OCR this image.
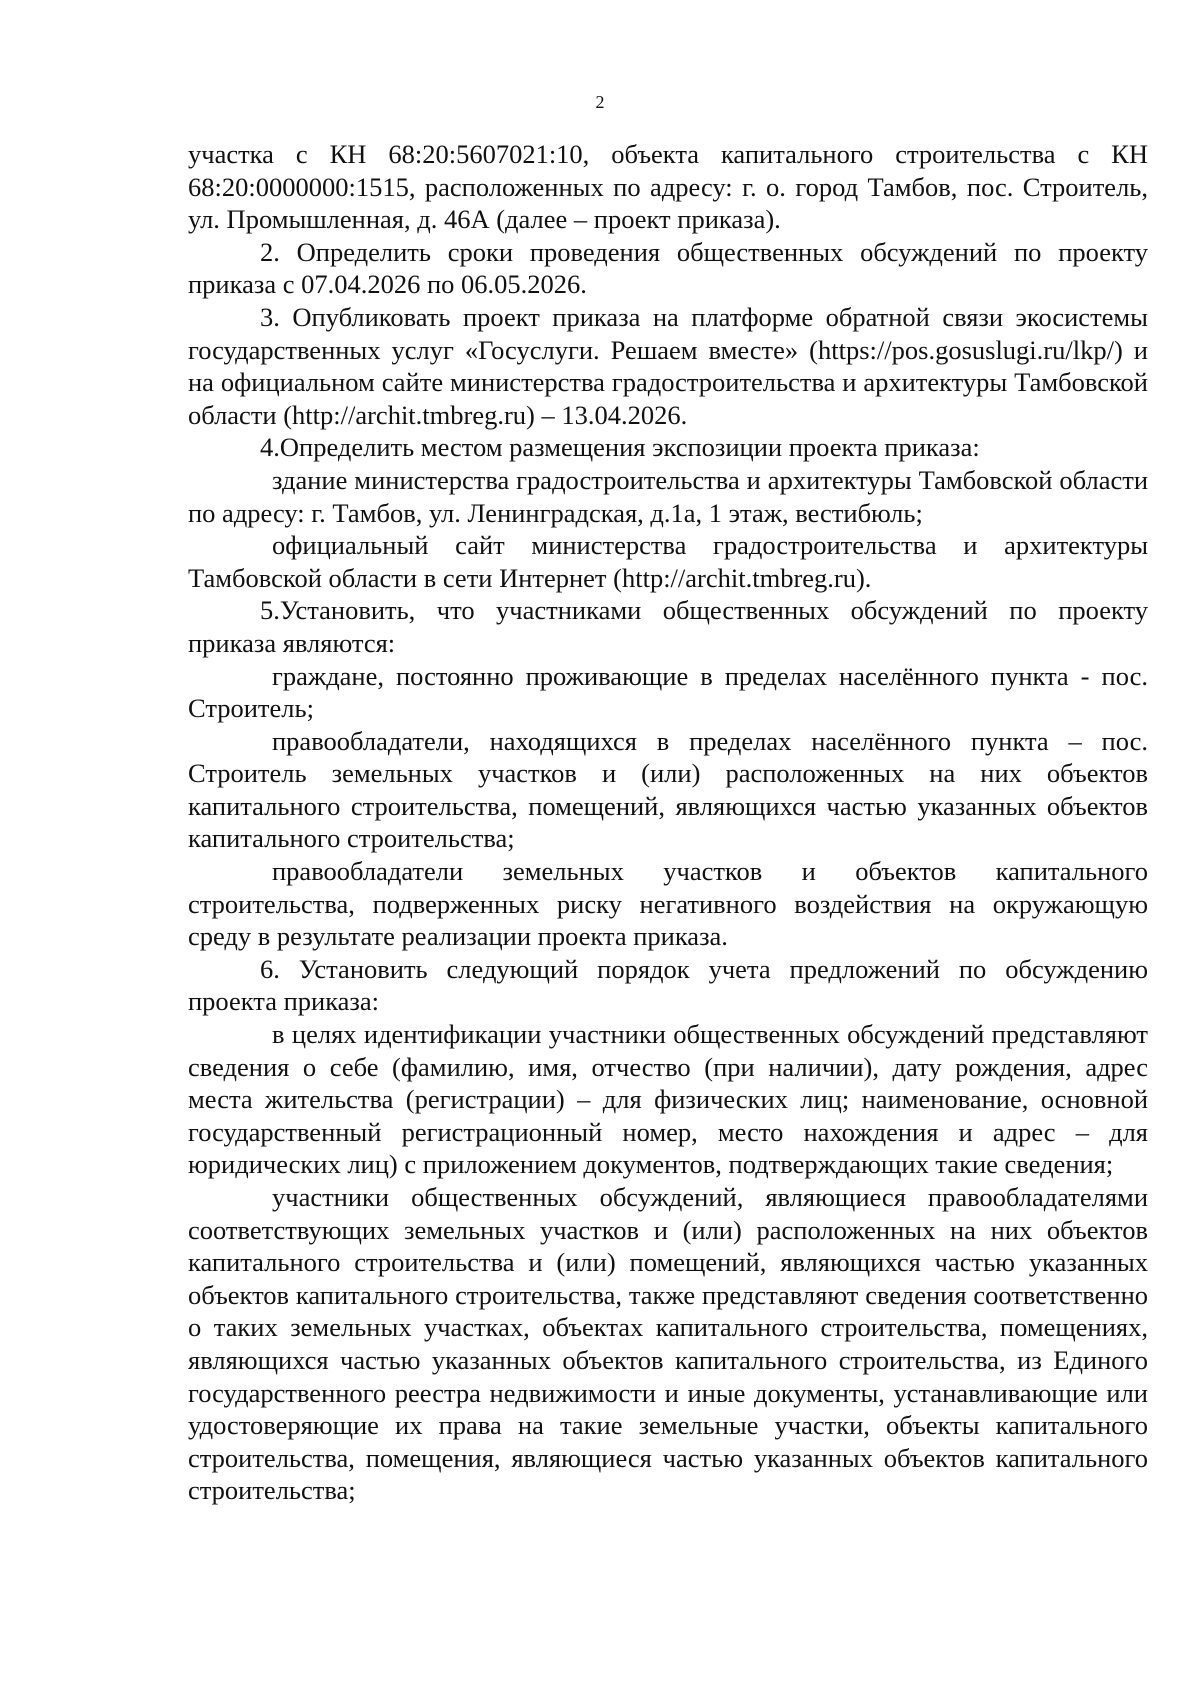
2

участка с КН 68:20:5607021:10, объекта капитального строительства с КН 68:20:0000000:1515, расположенных по адресу: г. о. город Тамбов, пос. Строитель, ул. Промышленная, д. 46А (далее – проект приказа).

2. Определить сроки проведения общественных обсуждений по проекту приказа с 07.04.2026 по 06.05.2026.

3. Опубликовать проект приказа на платформе обратной связи экосистемы государственных услуг «Госуслуги. Решаем вместе» (https://pos.gosuslugi.ru/lkp/) и на официальном сайте министерства градостроительства и архитектуры Тамбовской области (http://archit.tmbreg.ru) – 13.04.2026.

4.Определить местом размещения экспозиции проекта приказа:

здание министерства градостроительства и архитектуры Тамбовской области по адресу: г. Тамбов, ул. Ленинградская, д.1а, 1 этаж, вестибюль;

официальный сайт министерства градостроительства и архитектуры Тамбовской области в сети Интернет (http://archit.tmbreg.ru).

5.Установить, что участниками общественных обсуждений по проекту приказа являются:

граждане, постоянно проживающие в пределах населённого пункта - пос. Строитель;

правообладатели, находящихся в пределах населённого пункта – пос. Строитель земельных участков и (или) расположенных на них объектов капитального строительства, помещений, являющихся частью указанных объектов капитального строительства;

правообладатели земельных участков и объектов капитального строительства, подверженных риску негативного воздействия на окружающую среду в результате реализации проекта приказа.

6. Установить следующий порядок учета предложений по обсуждению проекта приказа:

в целях идентификации участники общественных обсуждений представляют сведения о себе (фамилию, имя, отчество (при наличии), дату рождения, адрес места жительства (регистрации) – для физических лиц; наименование, основной государственный регистрационный номер, место нахождения и адрес – для юридических лиц) с приложением документов, подтверждающих такие сведения;

участники общественных обсуждений, являющиеся правообладателями соответствующих земельных участков и (или) расположенных на них объектов капитального строительства и (или) помещений, являющихся частью указанных объектов капитального строительства, также представляют сведения соответственно о таких земельных участках, объектах капитального строительства, помещениях, являющихся частью указанных объектов капитального строительства, из Единого государственного реестра недвижимости и иные документы, устанавливающие или удостоверяющие их права на такие земельные участки, объекты капитального строительства, помещения, являющиеся частью указанных объектов капитального строительства;
